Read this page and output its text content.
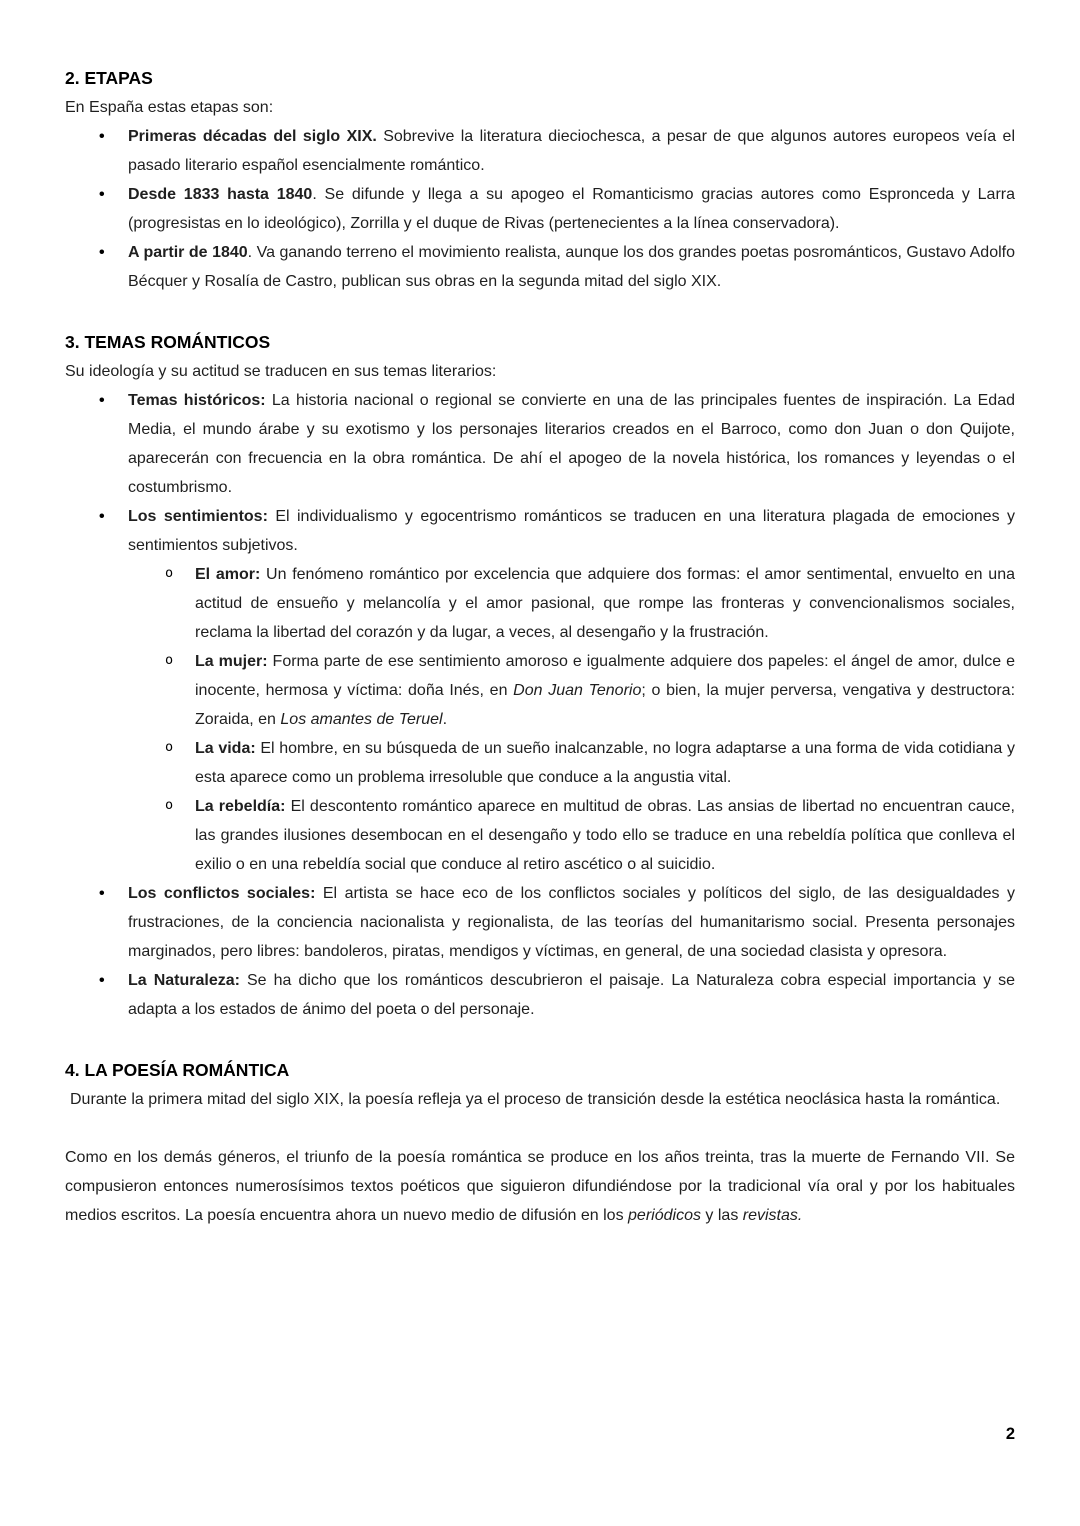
2. ETAPAS

En España estas etapas son:

• Primeras décadas del siglo XIX. Sobrevive la literatura dieciochesca, a pesar de que algunos autores europeos veía el pasado literario español esencialmente romántico.
• Desde 1833 hasta 1840. Se difunde y llega a su apogeo el Romanticismo gracias autores como Espronceda y Larra (progresistas en lo ideológico), Zorrilla y el duque de Rivas (pertenecientes a la línea conservadora).
• A partir de 1840. Va ganando terreno el movimiento realista, aunque los dos grandes poetas posrománticos, Gustavo Adolfo Bécquer y Rosalía de Castro, publican sus obras en la segunda mitad del siglo XIX.
3. TEMAS ROMÁNTICOS

Su ideología y su actitud se traducen en sus temas literarios:

• Temas históricos: La historia nacional o regional se convierte en una de las principales fuentes de inspiración. La Edad Media, el mundo árabe y su exotismo y los personajes literarios creados en el Barroco, como don Juan o don Quijote, aparecerán con frecuencia en la obra romántica. De ahí el apogeo de la novela histórica, los romances y leyendas o el costumbrismo.
• Los sentimientos: El individualismo y egocentrismo románticos se traducen en una literatura plagada de emociones y sentimientos subjetivos.
o El amor: Un fenómeno romántico por excelencia que adquiere dos formas: el amor sentimental, envuelto en una actitud de ensueño y melancolía y el amor pasional, que rompe las fronteras y convencionalismos sociales, reclama la libertad del corazón y da lugar, a veces, al desengaño y la frustración.
o La mujer: Forma parte de ese sentimiento amoroso e igualmente adquiere dos papeles: el ángel de amor, dulce e inocente, hermosa y víctima: doña Inés, en Don Juan Tenorio; o bien, la mujer perversa, vengativa y destructora: Zoraida, en Los amantes de Teruel.
o La vida: El hombre, en su búsqueda de un sueño inalcanzable, no logra adaptarse a una forma de vida cotidiana y esta aparece como un problema irresoluble que conduce a la angustia vital.
o La rebeldía: El descontento romántico aparece en multitud de obras. Las ansias de libertad no encuentran cauce, las grandes ilusiones desembocan en el desengaño y todo ello se traduce en una rebeldía política que conlleva el exilio o en una rebeldía social que conduce al retiro ascético o al suicidio.
• Los conflictos sociales: El artista se hace eco de los conflictos sociales y políticos del siglo, de las desigualdades y frustraciones, de la conciencia nacionalista y regionalista, de las teorías del humanitarismo social. Presenta personajes marginados, pero libres: bandoleros, piratas, mendigos y víctimas, en general, de una sociedad clasista y opresora.
• La Naturaleza: Se ha dicho que los románticos descubrieron el paisaje. La Naturaleza cobra especial importancia y se adapta a los estados de ánimo del poeta o del personaje.
4. LA POESÍA ROMÁNTICA

Durante la primera mitad del siglo XIX, la poesía refleja ya el proceso de transición desde la estética neoclásica hasta la romántica.

Como en los demás géneros, el triunfo de la poesía romántica se produce en los años treinta, tras la muerte de Fernando VII. Se compusieron entonces numerosísimos textos poéticos que siguieron difundiéndose por la tradicional vía oral y por los habituales medios escritos. La poesía encuentra ahora un nuevo medio de difusión en los periódicos y las revistas.

2
